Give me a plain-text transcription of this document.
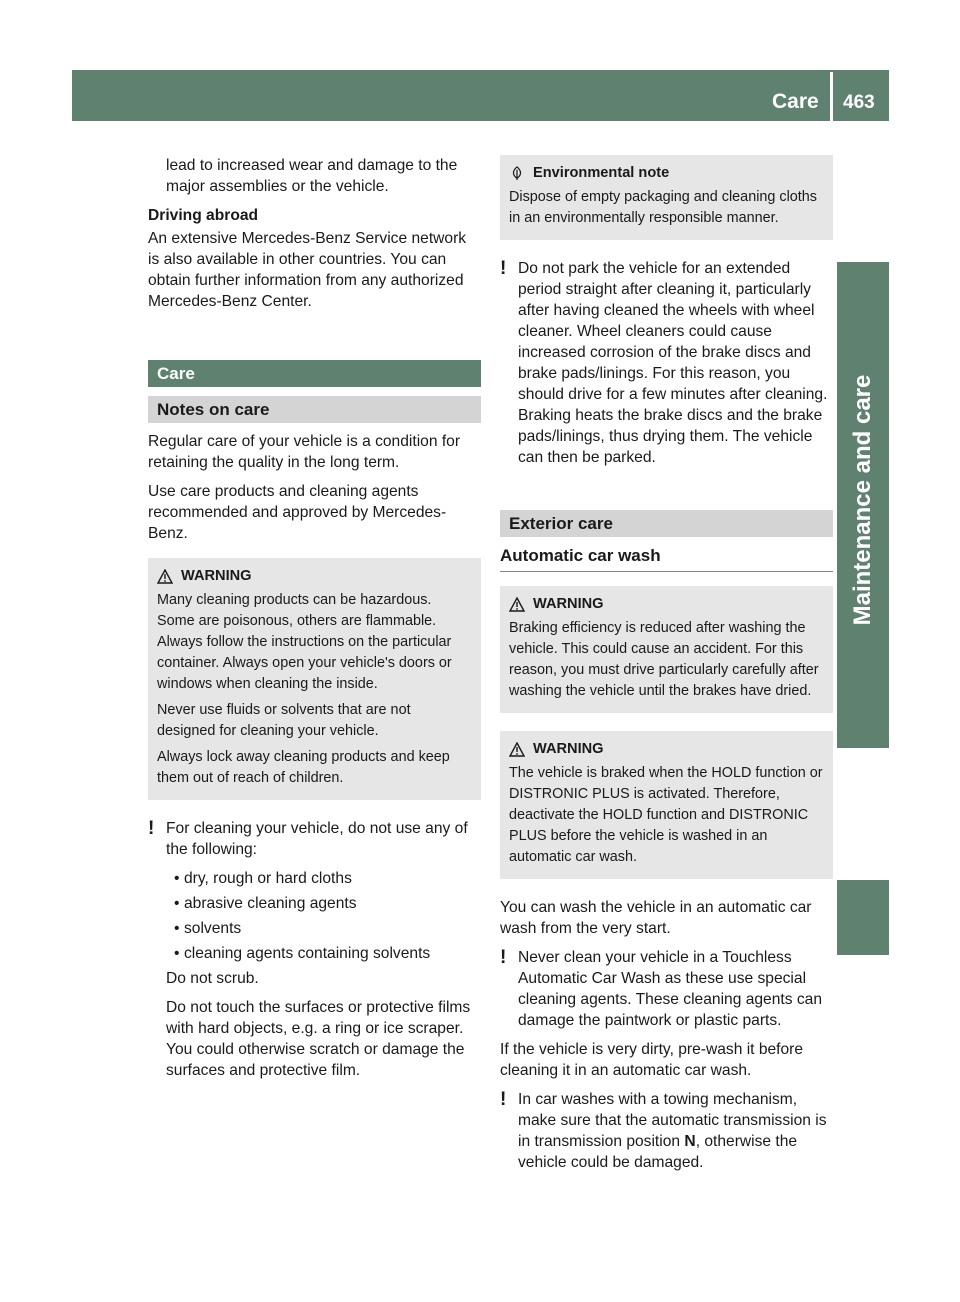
Care 463
Maintenance and care

lead to increased wear and damage to the major assemblies or the vehicle.

Driving abroad

An extensive Mercedes-Benz Service network is also available in other countries. You can obtain further information from any authorized Mercedes-Benz Center.

Care
Notes on care

Regular care of your vehicle is a condition for retaining the quality in the long term.

Use care products and cleaning agents recommended and approved by Mercedes-Benz.

WARNING

Many cleaning products can be hazardous. Some are poisonous, others are flammable. Always follow the instructions on the particular container. Always open your vehicle's doors or windows when cleaning the inside.

Never use fluids or solvents that are not designed for cleaning your vehicle.

Always lock away cleaning products and keep them out of reach of children.

! For cleaning your vehicle, do not use any of the following:
• dry, rough or hard cloths
• abrasive cleaning agents
• solvents
• cleaning agents containing solvents

Do not scrub.

Do not touch the surfaces or protective films with hard objects, e.g. a ring or ice scraper. You could otherwise scratch or damage the surfaces and protective film.

Environmental note

Dispose of empty packaging and cleaning cloths in an environmentally responsible manner.

! Do not park the vehicle for an extended period straight after cleaning it, particularly after having cleaned the wheels with wheel cleaner. Wheel cleaners could cause increased corrosion of the brake discs and brake pads/linings. For this reason, you should drive for a few minutes after cleaning. Braking heats the brake discs and the brake pads/linings, thus drying them. The vehicle can then be parked.
Exterior care
Automatic car wash
WARNING

Braking efficiency is reduced after washing the vehicle. This could cause an accident. For this reason, you must drive particularly carefully after washing the vehicle until the brakes have dried.

WARNING

The vehicle is braked when the HOLD function or DISTRONIC PLUS is activated. Therefore, deactivate the HOLD function and DISTRONIC PLUS before the vehicle is washed in an automatic car wash.

You can wash the vehicle in an automatic car wash from the very start.

! Never clean your vehicle in a Touchless Automatic Car Wash as these use special cleaning agents. These cleaning agents can damage the paintwork or plastic parts.

If the vehicle is very dirty, pre-wash it before cleaning it in an automatic car wash.

! In car washes with a towing mechanism, make sure that the automatic transmission is in transmission position N, otherwise the vehicle could be damaged.
